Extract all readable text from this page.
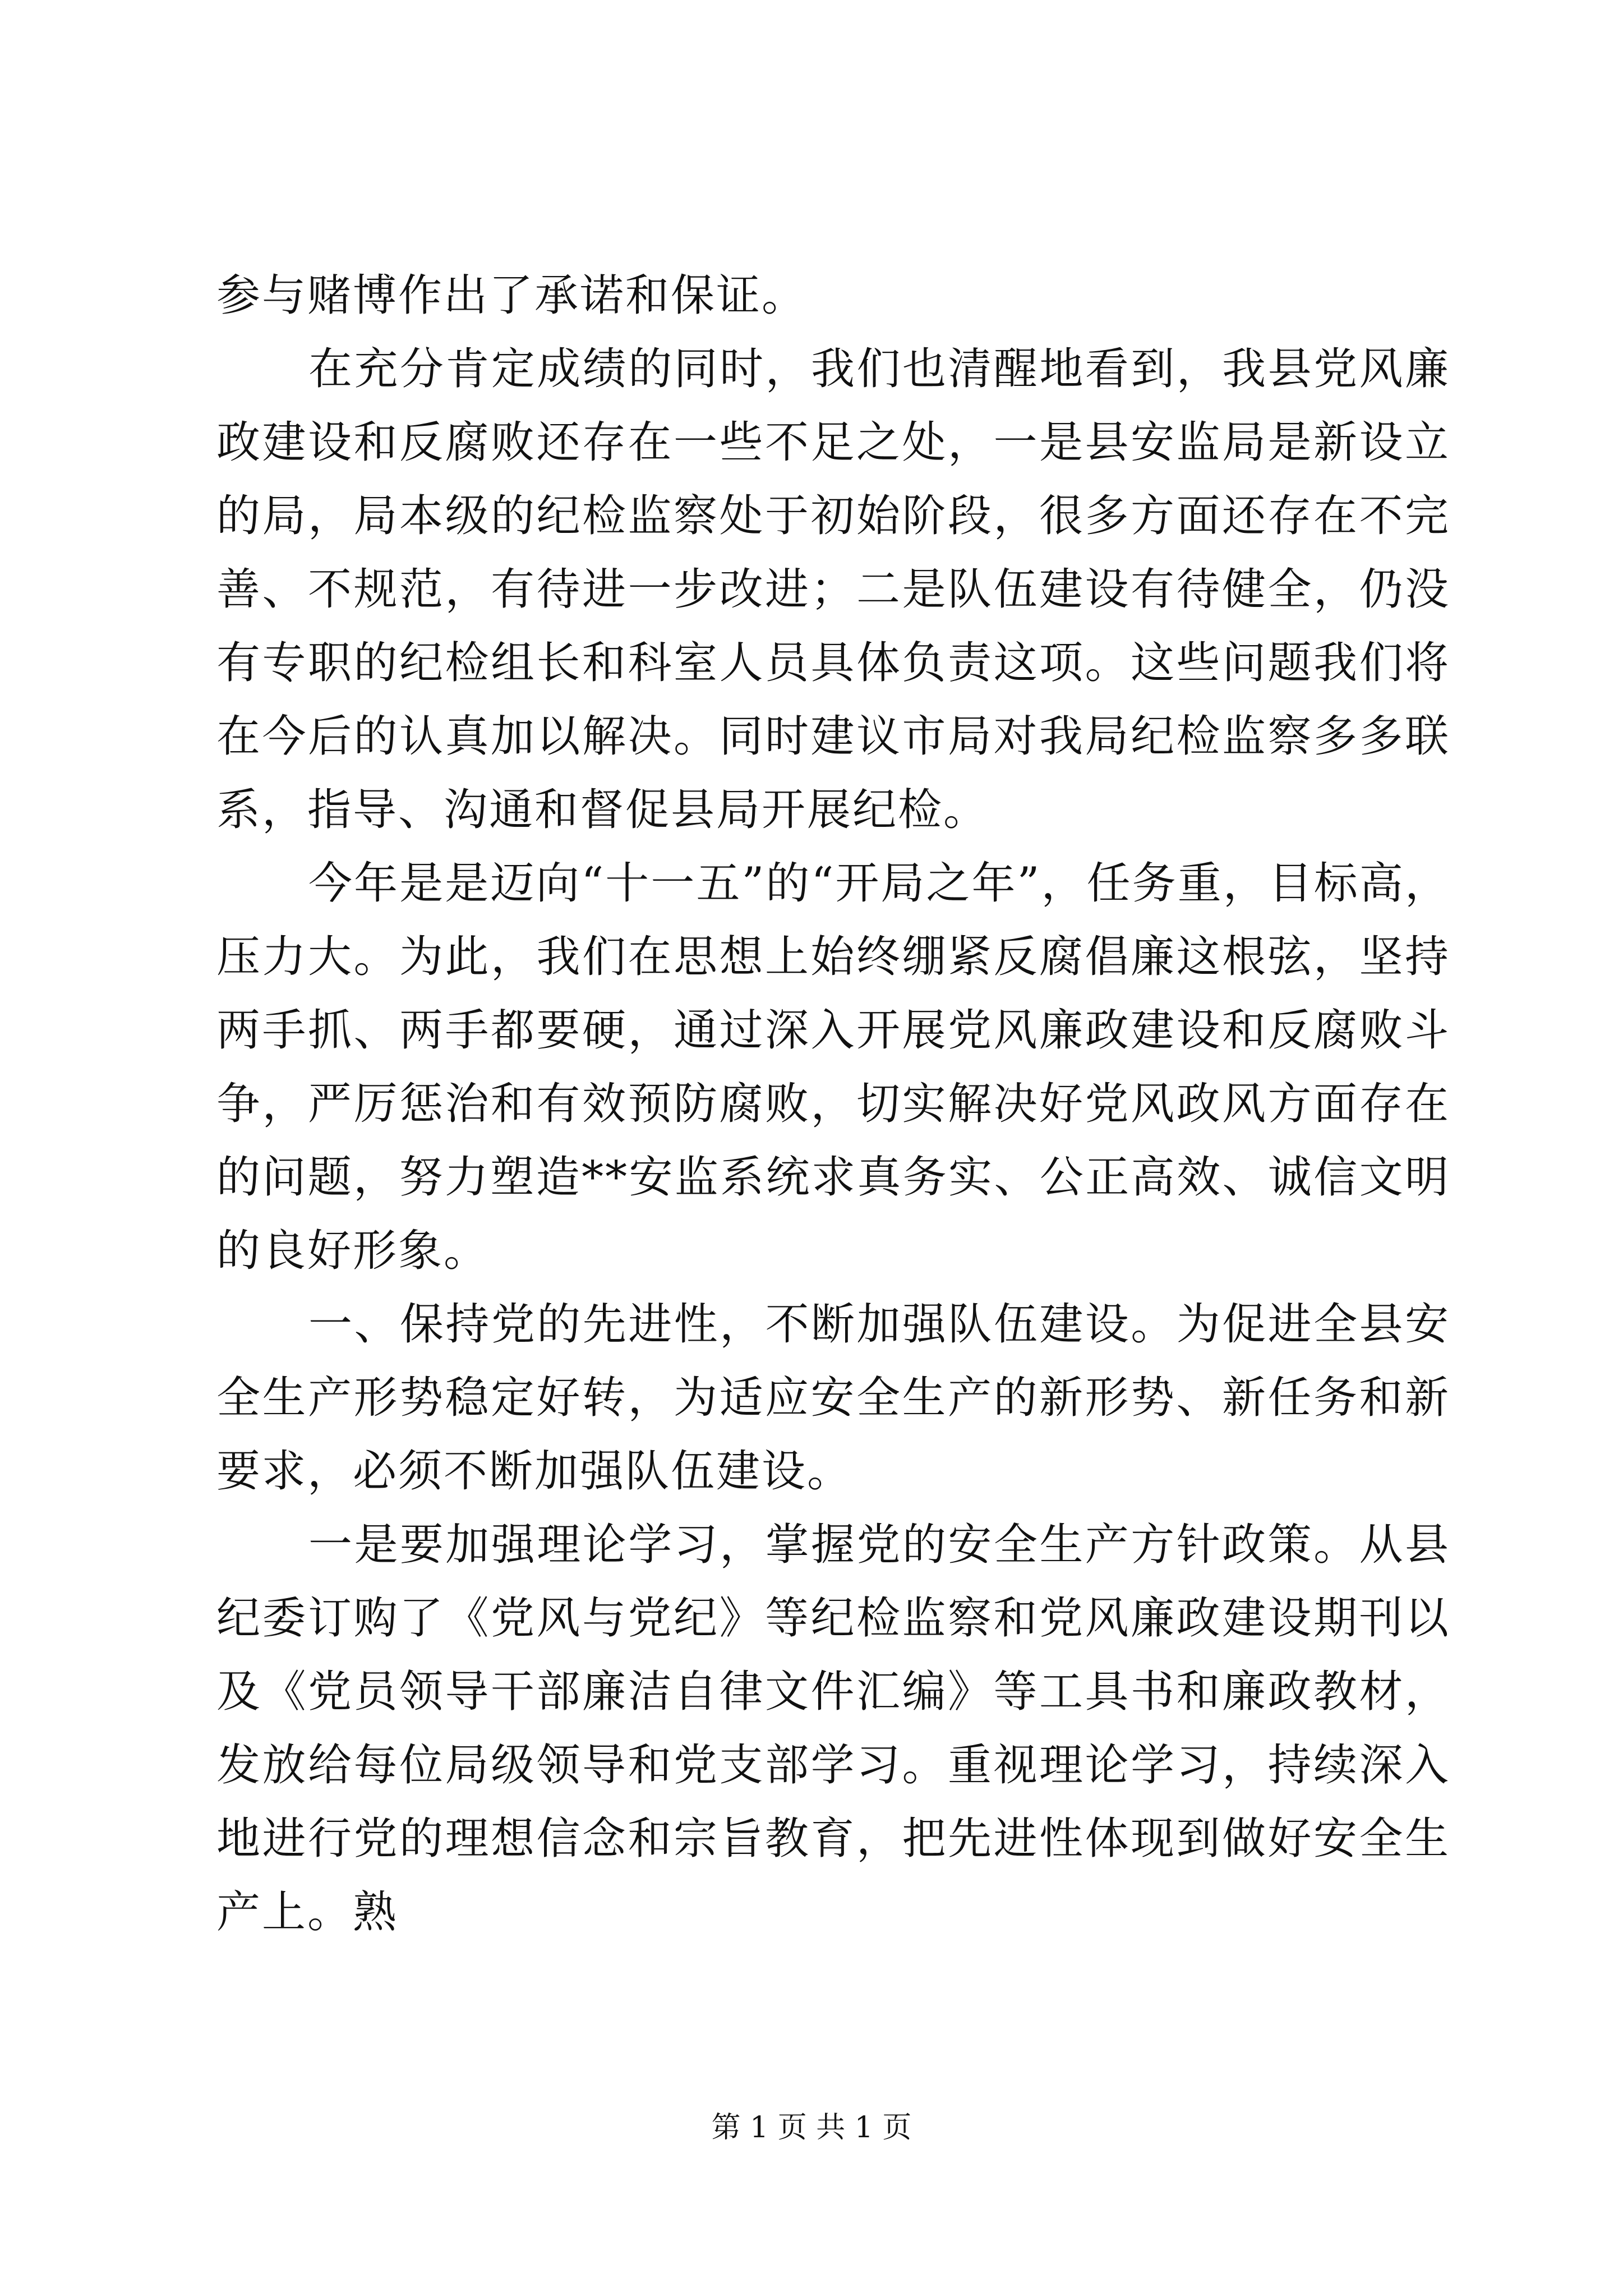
参与赌博作出了承诺和保证。

在充分肯定成绩的同时，我们也清醒地看到，我县党风廉政建设和反腐败还存在一些不足之处，一是县安监局是新设立的局，局本级的纪检监察处于初始阶段，很多方面还存在不完善、不规范，有待进一步改进；二是队伍建设有待健全，仍没有专职的纪检组长和科室人员具体负责这项。这些问题我们将在今后的认真加以解决。同时建议市局对我局纪检监察多多联系，指导、沟通和督促县局开展纪检。

今年是是迈向“十一五”的“开局之年”，任务重，目标高，压力大。为此，我们在思想上始终绷紧反腐倡廉这根弦，坚持两手抓、两手都要硬，通过深入开展党风廉政建设和反腐败斗争，严厉惩治和有效预防腐败，切实解决好党风政风方面存在的问题，努力塑造**安监系统求真务实、公正高效、诚信文明的良好形象。

一、保持党的先进性，不断加强队伍建设。为促进全县安全生产形势稳定好转，为适应安全生产的新形势、新任务和新要求，必须不断加强队伍建设。

一是要加强理论学习，掌握党的安全生产方针政策。从县纪委订购了《党风与党纪》等纪检监察和党风廉政建设期刊以及《党员领导干部廉洁自律文件汇编》等工具书和廉政教材，发放给每位局级领导和党支部学习。重视理论学习，持续深入地进行党的理想信念和宗旨教育，把先进性体现到做好安全生产上。熟

第 1 页 共 1 页
